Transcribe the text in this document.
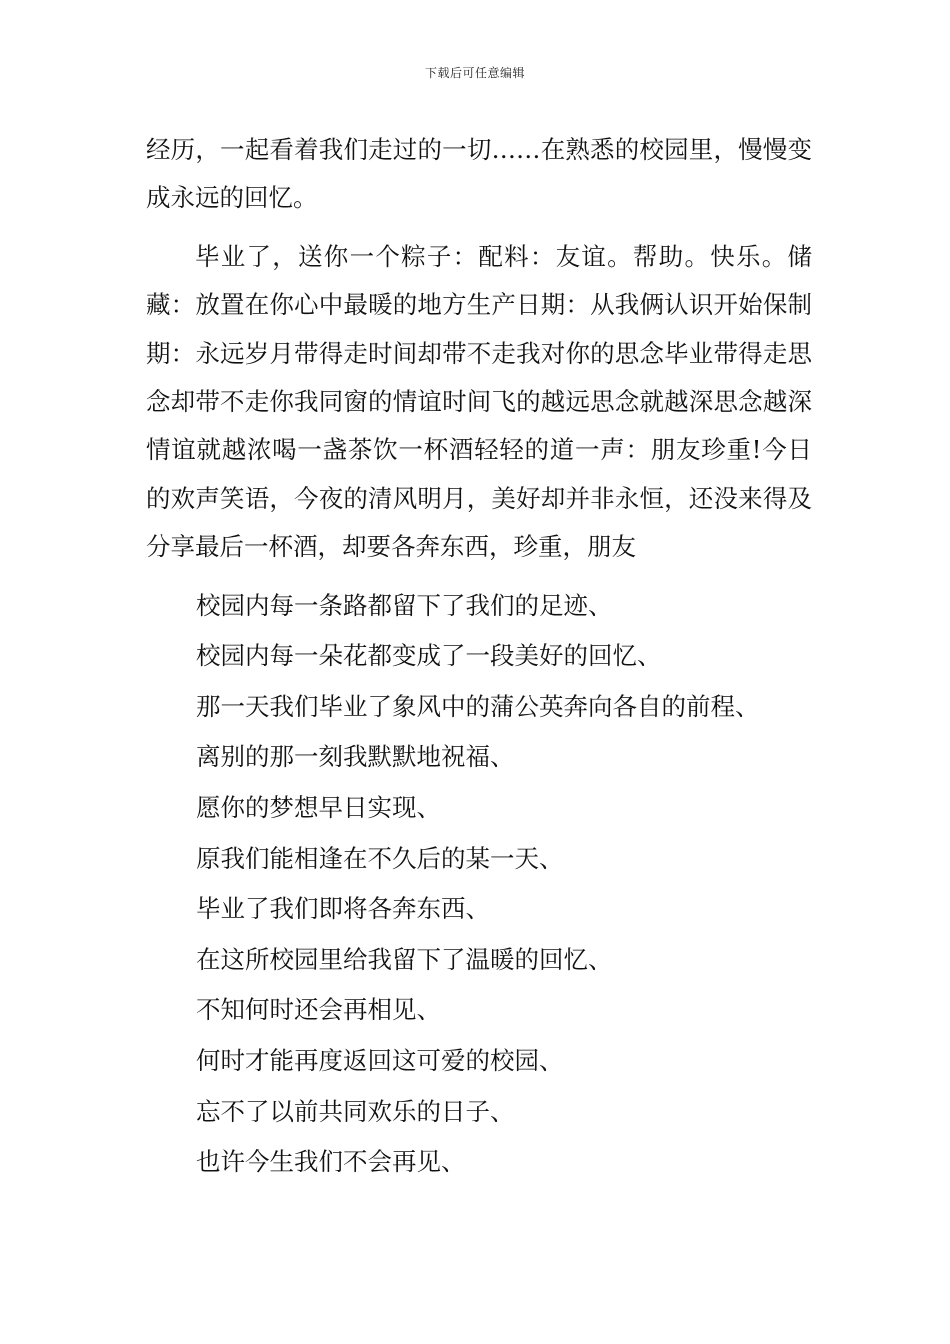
下载后可任意编辑

经历，一起看着我们走过的一切……在熟悉的校园里，慢慢变成永远的回忆。

毕业了，送你一个粽子：配料：友谊。帮助。快乐。储藏：放置在你心中最暖的地方生产日期：从我俩认识开始保制期：永远岁月带得走时间却带不走我对你的思念毕业带得走思念却带不走你我同窗的情谊时间飞的越远思念就越深思念越深情谊就越浓喝一盏茶饮一杯酒轻轻的道一声：朋友珍重!今日的欢声笑语，今夜的清风明月，美好却并非永恒，还没来得及分享最后一杯酒，却要各奔东西，珍重，朋友

校园内每一条路都留下了我们的足迹、
校园内每一朵花都变成了一段美好的回忆、
那一天我们毕业了象风中的蒲公英奔向各自的前程、
离别的那一刻我默默地祝福、
愿你的梦想早日实现、
原我们能相逢在不久后的某一天、
毕业了我们即将各奔东西、
在这所校园里给我留下了温暖的回忆、
不知何时还会再相见、
何时才能再度返回这可爱的校园、
忘不了以前共同欢乐的日子、
也许今生我们不会再见、
